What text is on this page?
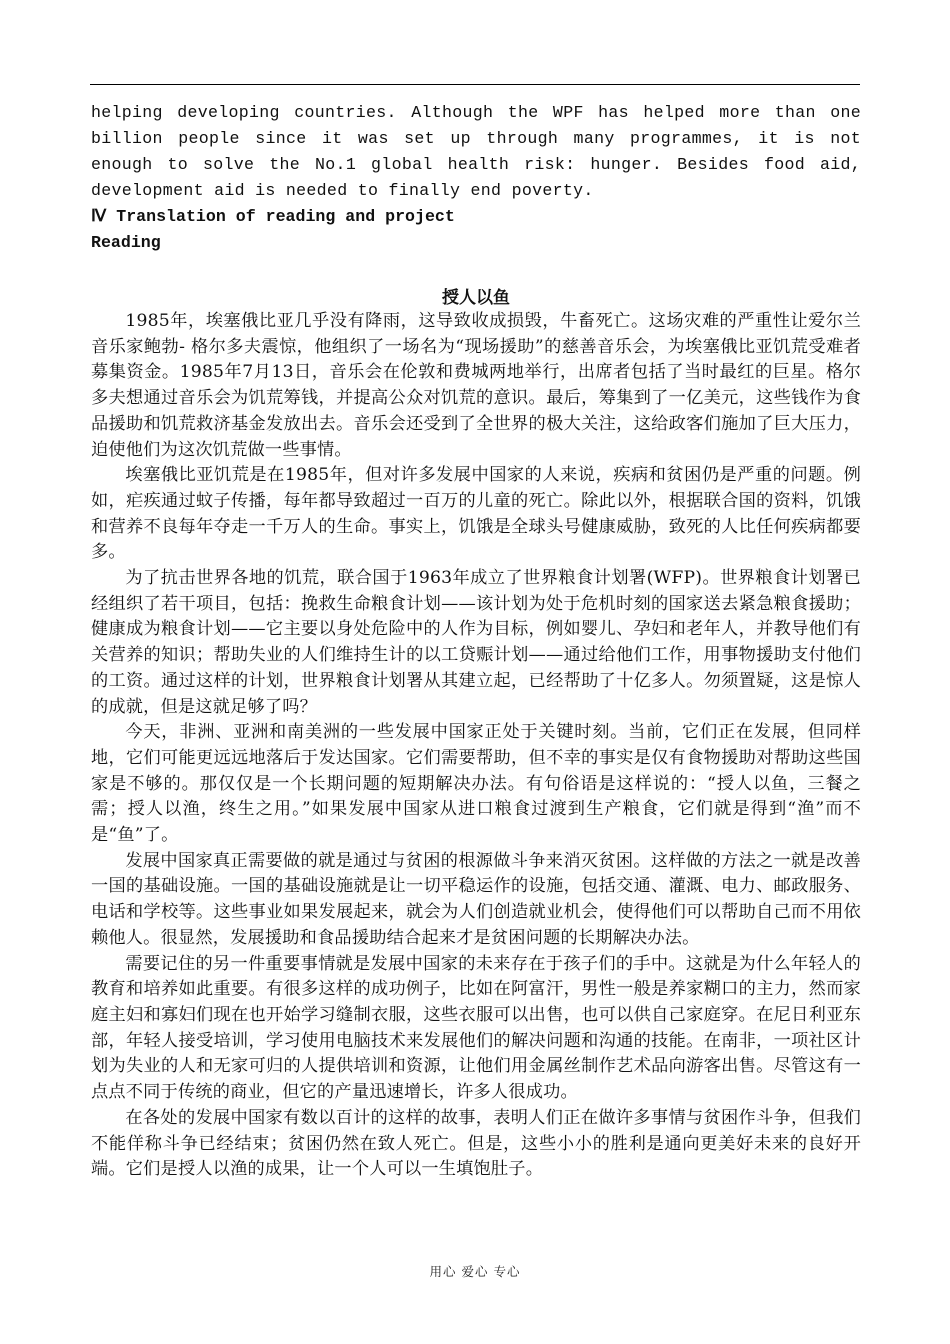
helping developing countries. Although the WPF has helped more than one billion people since it was set up through many programmes, it is not enough to solve the No.1 global health risk: hunger. Besides food aid, development aid is needed to finally end poverty.

Ⅳ Translation of reading and project

Reading

授人以鱼

1985年，埃塞俄比亚几乎没有降雨，这导致收成损毁，牛畜死亡。这场灾难的严重性让爱尔兰音乐家鲍勃- 格尔多夫震惊，他组织了一场名为“现场援助”的慈善音乐会，为埃塞俄比亚饥荒受难者募集资金。1985年7月13日，音乐会在伦敦和费城两地举行，出席者包括了当时最红的巨星。格尔多夫想通过音乐会为饥荒筹钱，并提高公众对饥荒的意识。最后，筹集到了一亿美元，这些钱作为食品援助和饥荒救济基金发放出去。音乐会还受到了全世界的极大关注，这给政客们施加了巨大压力，迫使他们为这次饥荒做一些事情。

埃塞俄比亚饥荒是在1985年，但对许多发展中国家的人来说，疾病和贫困仍是严重的问题。例如，疟疾通过蚊子传播，每年都导致超过一百万的儿童的死亡。除此以外，根据联合国的资料，饥饿和营养不良每年夺走一千万人的生命。事实上，饥饿是全球头号健康威胁，致死的人比任何疾病都要多。

为了抗击世界各地的饥荒，联合国于1963年成立了世界粮食计划署(WFP)。世界粮食计划署已经组织了若干项目，包括：挽救生命粮食计划——该计划为处于危机时刻的国家送去紧急粮食援助；健康成为粮食计划——它主要以身处危险中的人作为目标，例如婴儿、孕妇和老年人，并教导他们有关营养的知识；帮助失业的人们维持生计的以工贷赈计划——通过给他们工作，用事物援助支付他们的工资。通过这样的计划，世界粮食计划署从其建立起，已经帮助了十亿多人。勿须置疑，这是惊人的成就，但是这就足够了吗？

今天，非洲、亚洲和南美洲的一些发展中国家正处于关键时刻。当前，它们正在发展，但同样地，它们可能更远远地落后于发达国家。它们需要帮助，但不幸的事实是仅有食物援助对帮助这些国家是不够的。那仅仅是一个长期问题的短期解决办法。有句俗语是这样说的：“授人以鱼，三餐之需；授人以渔，终生之用。”如果发展中国家从进口粮食过渡到生产粮食，它们就是得到“渔”而不是“鱼”了。

发展中国家真正需要做的就是通过与贫困的根源做斗争来消灭贫困。这样做的方法之一就是改善一国的基础设施。一国的基础设施就是让一切平稳运作的设施，包括交通、灌溉、电力、邮政服务、电话和学校等。这些事业如果发展起来，就会为人们创造就业机会，使得他们可以帮助自己而不用依赖他人。很显然，发展援助和食品援助结合起来才是贫困问题的长期解决办法。

需要记住的另一件重要事情就是发展中国家的未来存在于孩子们的手中。这就是为什么年轻人的教育和培养如此重要。有很多这样的成功例子，比如在阿富汗，男性一般是养家糊口的主力，然而家庭主妇和寡妇们现在也开始学习缝制衣服，这些衣服可以出售，也可以供自己家庭穿。在尼日利亚东部，年轻人接受培训，学习使用电脑技术来发展他们的解决问题和沟通的技能。在南非，一项社区计划为失业的人和无家可归的人提供培训和资源，让他们用金属丝制作艺术品向游客出售。尽管这有一点点不同于传统的商业，但它的产量迅速增长，许多人很成功。

在各处的发展中国家有数以百计的这样的故事，表明人们正在做许多事情与贫困作斗争，但我们不能佯称斗争已经结束；贫困仍然在致人死亡。但是，这些小小的胜利是通向更美好未来的良好开端。它们是授人以渔的成果，让一个人可以一生填饱肚子。

用心 爱心 专心
